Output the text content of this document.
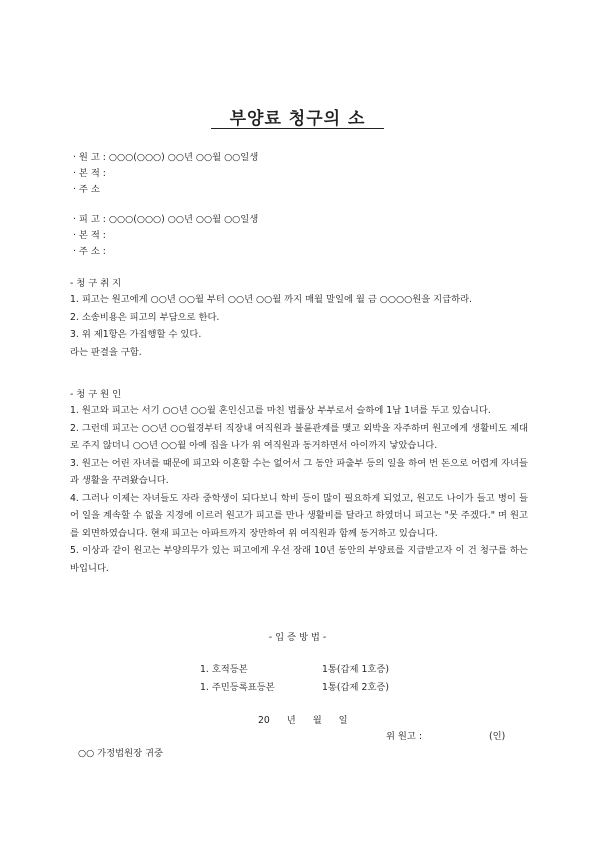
부양료 청구의 소
· 원 고 : ○○○(○○○) ○○년 ○○월 ○○일생
· 본 적 :
· 주 소
· 피 고 : ○○○(○○○) ○○년 ○○월 ○○일생
· 본 적 :
· 주 소 :
- 청 구 취 지

1. 피고는 원고에게 ○○년 ○○월 부터 ○○년 ○○월 까지 매월 말일에 월 금 ○○○○원을 지급하라.

2. 소송비용은 피고의 부담으로 한다.

3. 위 제1항은 가집행할 수 있다.

라는 판결을 구함.

- 청 구 원 인

1. 원고와 피고는 서기 ○○년 ○○월 혼인신고를 마친 법률상 부부로서 슬하에 1남 1녀를 두고 있습니다.

2. 그런데 피고는 ○○년 ○○월경부터 직장내 여직원과 불륜관계를 맺고 외박을 자주하며 원고에게 생활비도 제대로 주지 않더니 ○○년 ○○월 아예 집을 나가 위 여직원과 동거하면서 아이까지 낳았습니다.

3. 원고는 어린 자녀를 때문에 피고와 이혼할 수는 없어서 그 동안 파출부 등의 일을 하여 번 돈으로 어렵게 자녀들과 생활을 꾸려왔습니다.

4. 그러나 이제는 자녀들도 자라 중학생이 되다보니 학비 등이 많이 필요하게 되었고, 원고도 나이가 들고 병이 들어 일을 계속할 수 없을 지경에 이르러 원고가 피고를 만나 생활비를 달라고 하였더니 피고는 "못 주겠다." 며 원고를 외면하였습니다. 현재 피고는 아파트까지 장만하여 위 여직원과 함께 동거하고 있습니다.

5. 이상과 같이 원고는 부양의무가 있는 피고에게 우선 장래 10년 동안의 부양료를 지급받고자 이 건 청구를 하는 바입니다.

- 입 증 방 법 -
1. 호적등본	1통(갑제 1호증)
1. 주민등록표등본	1통(갑제 2호증)
20 년 월 일
위 원고 :	(인)
○○ 가정법원장 귀중
